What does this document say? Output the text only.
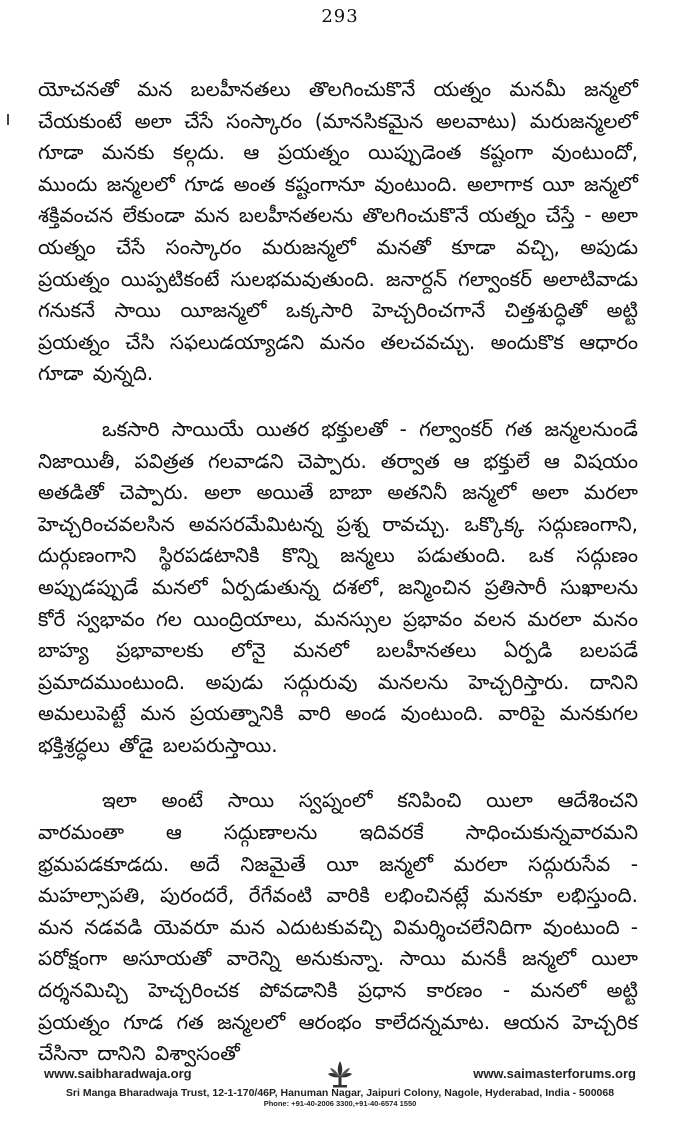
293

యోచనతో మన బలహీనతలు తొలగించుకొనే యత్నం మనమీ జన్మలో చేయకుంటే అలా చేసే సంస్కారం (మానసికమైన అలవాటు) మరుజన్మలలో గూడా మనకు కల్గదు. ఆ ప్రయత్నం యిప్పుడెంత కష్టంగా వుంటుందో, ముందు జన్మలలో గూడ అంత కష్టంగానూ వుంటుంది. అలాగాక యీ జన్మలో శక్తివంచన లేకుండా మన బలహీనతలను తొలగించుకొనే యత్నం చేస్తే - అలా యత్నం చేసే సంస్కారం మరుజన్మలో మనతో కూడా వచ్చి, అపుడు ప్రయత్నం యిప్పటికంటే సులభమవుతుంది. జనార్దన్ గల్వాంకర్ అలాటివాడు గనుకనే సాయి యీజన్మలో ఒక్కసారి హెచ్చరించగానే చిత్తశుద్ధితో అట్టి ప్రయత్నం చేసి సఫలుడయ్యాడని మనం తలచవచ్చు. అందుకొక ఆధారం గూడా వున్నది.

ఒకసారి సాయియే యితర భక్తులతో - గల్వాంకర్ గత జన్మలనుండే నిజాయితీ, పవిత్రత గలవాడని చెప్పారు. తర్వాత ఆ భక్తులే ఆ విషయం అతడితో చెప్పారు. అలా అయితే బాబా అతనినీ జన్మలో అలా మరలా హెచ్చరించవలసిన అవసరమేమిటన్న ప్రశ్న రావచ్చు. ఒక్కొక్క సద్గుణంగాని, దుర్గుణంగాని స్థిరపడటానికి కొన్ని జన్మలు పడుతుంది. ఒక సద్గుణం అప్పుడప్పుడే మనలో ఏర్పడుతున్న దశలో, జన్మించిన ప్రతిసారీ సుఖాలను కోరే స్వభావం గల యింద్రియాలు, మనస్సుల ప్రభావం వలన మరలా మనం బాహ్య ప్రభావాలకు లోనై మనలో బలహీనతలు ఏర్పడి బలపడే ప్రమాదముంటుంది. అపుడు సద్గురువు మనలను హెచ్చరిస్తారు. దానిని అమలుపెట్టే మన ప్రయత్నానికి వారి అండ వుంటుంది. వారిపై మనకుగల భక్తిశ్రద్ధలు తోడై బలపరుస్తాయి.

ఇలా అంటే సాయి స్వప్నంలో కనిపించి యిలా ఆదేశించని వారమంతా ఆ సద్గుణాలను ఇదివరకే సాధించుకున్నవారమని భ్రమపడకూడదు. అదే నిజమైతే యీ జన్మలో మరలా సద్గురుసేవ - మహల్సాపతి, పురందరే, రేగేవంటి వారికి లభించినట్లే మనకూ లభిస్తుంది. మన నడవడి యెవరూ మన ఎదుటకువచ్చి విమర్శించలేనిదిగా వుంటుంది - పరోక్షంగా అసూయతో వారెన్ని అనుకున్నా. సాయి మనకీ జన్మలో యిలా దర్శనమిచ్చి హెచ్చరించక పోవడానికి ప్రధాన కారణం - మనలో అట్టి ప్రయత్నం గూడ గత జన్మలలో ఆరంభం కాలేదన్నమాట. ఆయన హెచ్చరిక చేసినా దానిని విశ్వాసంతో

www.saibharadwaja.org	www.saimasterforums.org
Sri Manga Bharadwaja Trust, 12-1-170/46P, Hanuman Nagar, Jaipuri Colony, Nagole, Hyderabad, India - 500068
Phone: +91-40-2006 3300,+91-40-6574 1550
